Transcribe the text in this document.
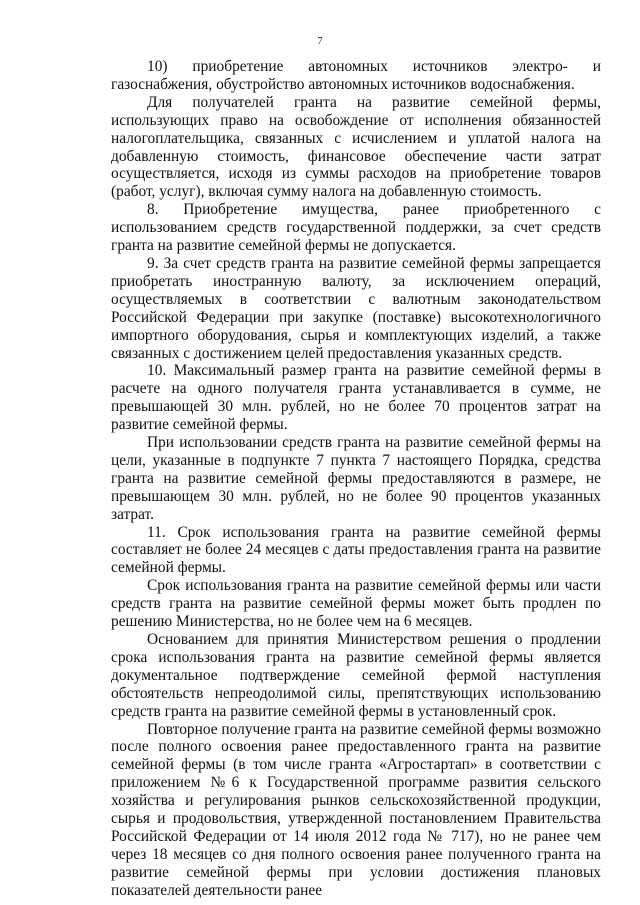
7

10) приобретение автономных источников электро- и газоснабжения, обустройство автономных источников водоснабжения.

Для получателей гранта на развитие семейной фермы, использующих право на освобождение от исполнения обязанностей налогоплательщика, связанных с исчислением и уплатой налога на добавленную стоимость, финансовое обеспечение части затрат осуществляется, исходя из суммы расходов на приобретение товаров (работ, услуг), включая сумму налога на добавленную стоимость.

8. Приобретение имущества, ранее приобретенного с использованием средств государственной поддержки, за счет средств гранта на развитие семейной фермы не допускается.

9. За счет средств гранта на развитие семейной фермы запрещается приобретать иностранную валюту, за исключением операций, осуществляемых в соответствии с валютным законодательством Российской Федерации при закупке (поставке) высокотехнологичного импортного оборудования, сырья и комплектующих изделий, а также связанных с достижением целей предоставления указанных средств.

10. Максимальный размер гранта на развитие семейной фермы в расчете на одного получателя гранта устанавливается в сумме, не превышающей 30 млн. рублей, но не более 70 процентов затрат на развитие семейной фермы.

При использовании средств гранта на развитие семейной фермы на цели, указанные в подпункте 7 пункта 7 настоящего Порядка, средства гранта на развитие семейной фермы предоставляются в размере, не превышающем 30 млн. рублей, но не более 90 процентов указанных затрат.

11. Срок использования гранта на развитие семейной фермы составляет не более 24 месяцев с даты предоставления гранта на развитие семейной фермы.

Срок использования гранта на развитие семейной фермы или части средств гранта на развитие семейной фермы может быть продлен по решению Министерства, но не более чем на 6 месяцев.

Основанием для принятия Министерством решения о продлении срока использования гранта на развитие семейной фермы является документальное подтверждение семейной фермой наступления обстоятельств непреодолимой силы, препятствующих использованию средств гранта на развитие семейной фермы в установленный срок.

Повторное получение гранта на развитие семейной фермы возможно после полного освоения ранее предоставленного гранта на развитие семейной фермы (в том числе гранта «Агростартап» в соответствии с приложением №6 к Государственной программе развития сельского хозяйства и регулирования рынков сельскохозяйственной продукции, сырья и продовольствия, утвержденной постановлением Правительства Российской Федерации от 14 июля 2012 года № 717), но не ранее чем через 18 месяцев со дня полного освоения ранее полученного гранта на развитие семейной фермы при условии достижения плановых показателей деятельности ранее
